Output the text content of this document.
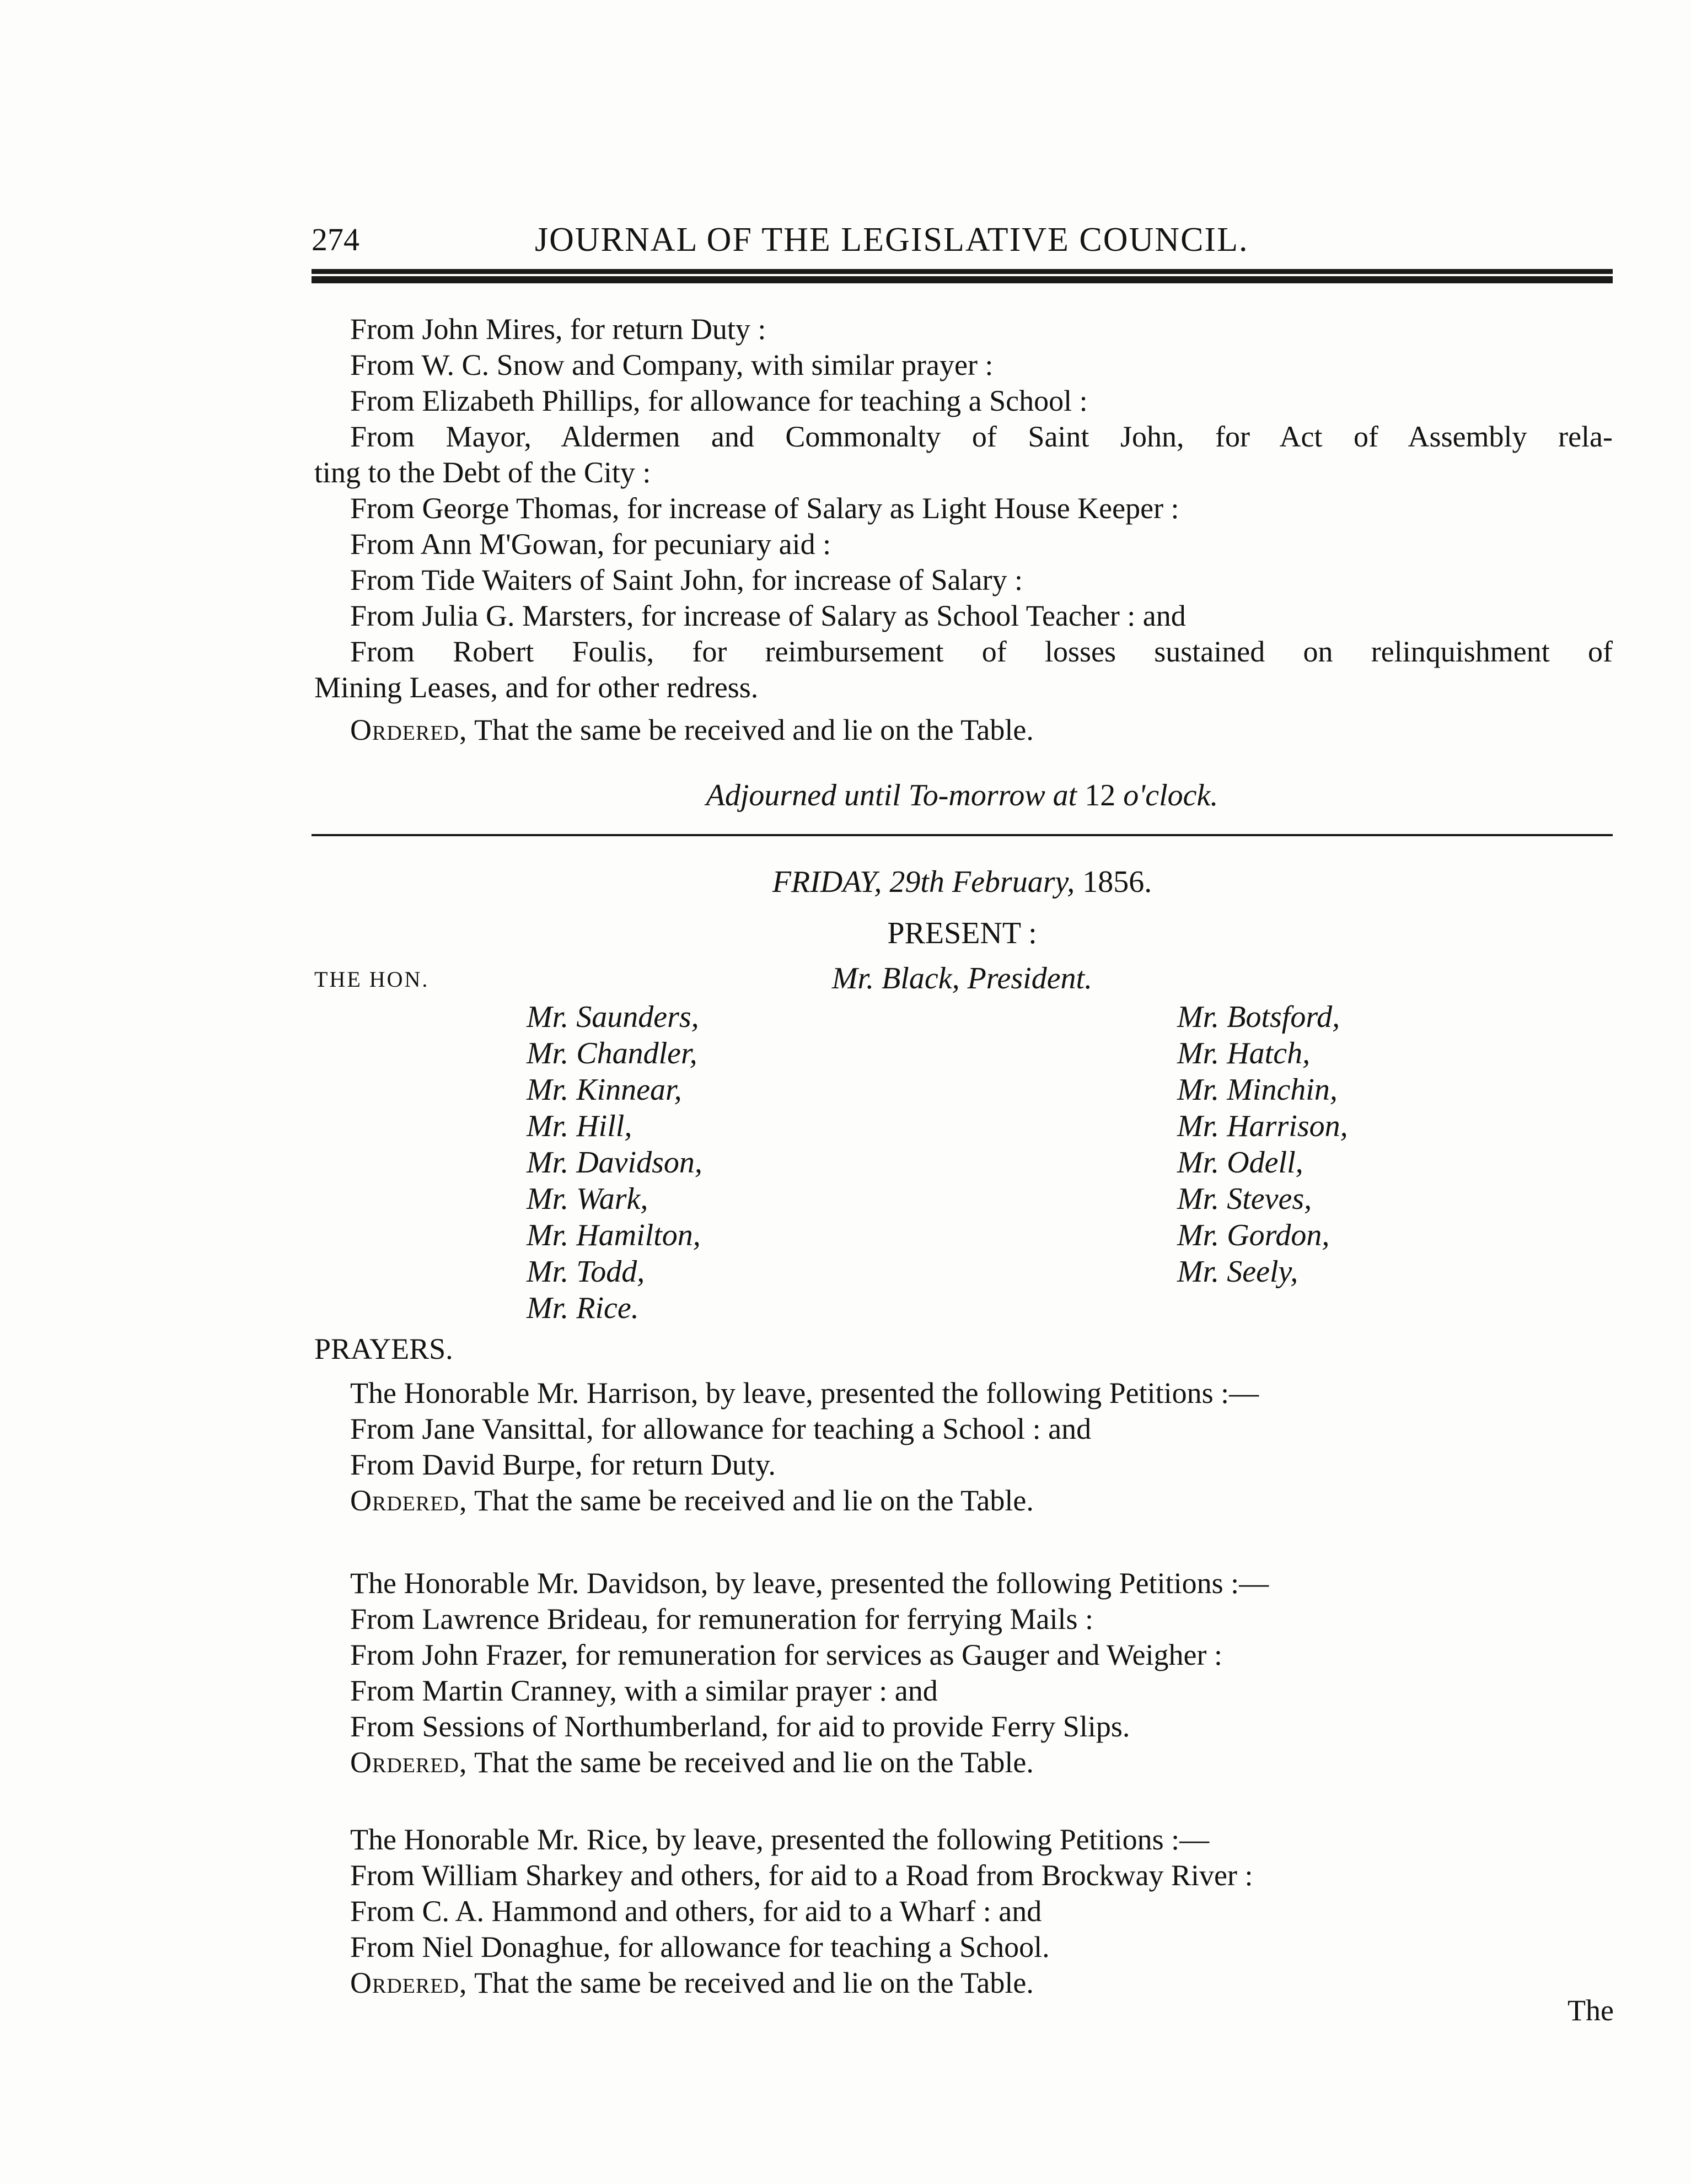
274	JOURNAL OF THE LEGISLATIVE COUNCIL.
From John Mires, for return Duty :
From W. C. Snow and Company, with similar prayer :
From Elizabeth Phillips, for allowance for teaching a School :
From Mayor, Aldermen and Commonalty of Saint John, for Act of Assembly rela-
ting to the Debt of the City :
From George Thomas, for increase of Salary as Light House Keeper :
From Ann M'Gowan, for pecuniary aid :
From Tide Waiters of Saint John, for increase of Salary :
From Julia G. Marsters, for increase of Salary as School Teacher : and
From Robert Foulis, for reimbursement of losses sustained on relinquishment of
Mining Leases, and for other redress.
Ordered, That the same be received and lie on the Table.
Adjourned until To-morrow at 12 o'clock.
FRIDAY, 29th February, 1856.
PRESENT :
Mr. Black, President.
THE HON.
Mr. Saunders,
Mr. Chandler,
Mr. Kinnear,
Mr. Hill,
Mr. Davidson,
Mr. Wark,
Mr. Hamilton,
Mr. Todd,
Mr. Rice.
Mr. Botsford,
Mr. Hatch,
Mr. Minchin,
Mr. Harrison,
Mr. Odell,
Mr. Steves,
Mr. Gordon,
Mr. Seely,
PRAYERS.
The Honorable Mr. Harrison, by leave, presented the following Petitions :—
From Jane Vansittal, for allowance for teaching a School : and
From David Burpe, for return Duty.
Ordered, That the same be received and lie on the Table.
The Honorable Mr. Davidson, by leave, presented the following Petitions :—
From Lawrence Brideau, for remuneration for ferrying Mails :
From John Frazer, for remuneration for services as Gauger and Weigher :
From Martin Cranney, with a similar prayer : and
From Sessions of Northumberland, for aid to provide Ferry Slips.
Ordered, That the same be received and lie on the Table.
The Honorable Mr. Rice, by leave, presented the following Petitions :—
From William Sharkey and others, for aid to a Road from Brockway River :
From C. A. Hammond and others, for aid to a Wharf : and
From Niel Donaghue, for allowance for teaching a School.
Ordered, That the same be received and lie on the Table.
The
